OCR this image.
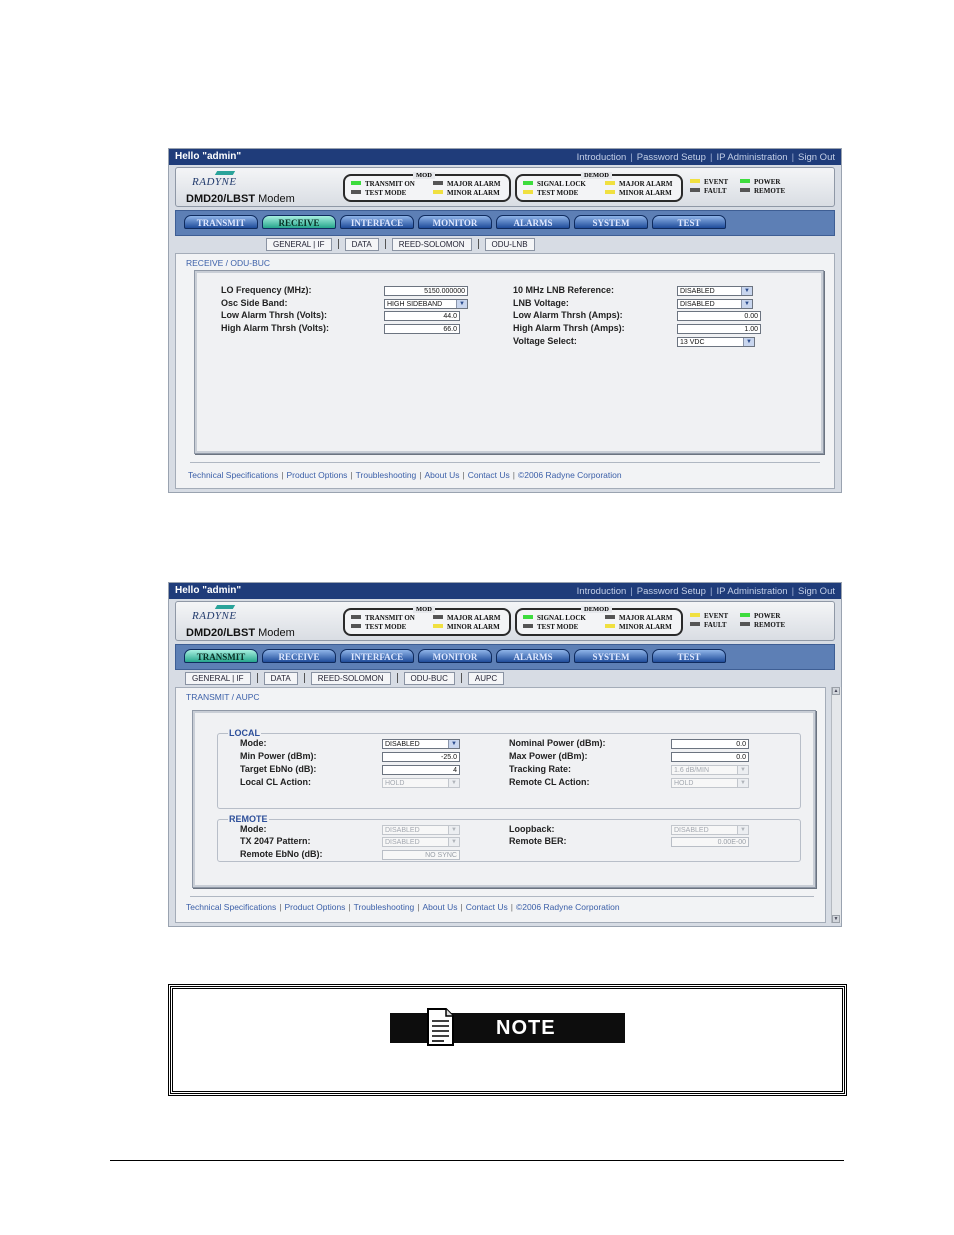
Hello "admin"	Introduction | Password Setup | IP Administration | Sign Out
RADYNE
DMD20/LBST Modem
MOD
TRANSMIT ON
TEST MODE
MAJOR ALARM
MINOR ALARM
DEMOD
SIGNAL LOCK
TEST MODE
MAJOR ALARM
MINOR ALARM
EVENT
FAULT
POWER
REMOTE
TRANSMIT	RECEIVE	INTERFACE	MONITOR	ALARMS	SYSTEM	TEST
GENERAL | IF	DATA	REED-SOLOMON	ODU-LNB
RECEIVE / ODU-BUC
LO Frequency (MHz):	5150.000000
Osc Side Band:	HIGH SIDEBAND	▼
Low Alarm Thrsh (Volts):	44.0
High Alarm Thrsh (Volts):	66.0
10 MHz LNB Reference:	DISABLED	▼
LNB Voltage:	DISABLED	▼
Low Alarm Thrsh (Amps):	0.00
High Alarm Thrsh (Amps):	1.00
Voltage Select:	13 VDC	▼
Technical Specifications | Product Options | Troubleshooting | About Us | Contact Us | ©2006 Radyne Corporation
Hello "admin"	Introduction | Password Setup | IP Administration | Sign Out
RADYNE
DMD20/LBST Modem
MOD
TRANSMIT ON
TEST MODE
MAJOR ALARM
MINOR ALARM
DEMOD
SIGNAL LOCK
TEST MODE
MAJOR ALARM
MINOR ALARM
EVENT
FAULT
POWER
REMOTE
TRANSMIT	RECEIVE	INTERFACE	MONITOR	ALARMS	SYSTEM	TEST
GENERAL | IF	DATA	REED-SOLOMON	ODU-BUC	AUPC
TRANSMIT / AUPC
LOCAL
Mode:	DISABLED	▼
Min Power (dBm):	-25.0
Target EbNo (dB):	4
Local CL Action:	HOLD	▼
Nominal Power (dBm):	0.0
Max Power (dBm):	0.0
Tracking Rate:	1.6 dB/MIN	▼
Remote CL Action:	HOLD	▼
REMOTE
Mode:	DISABLED	▼
TX 2047 Pattern:	DISABLED	▼
Remote EbNo (dB):	NO SYNC
Loopback:	DISABLED	▼
Remote BER:	0.00E-00
Technical Specifications | Product Options | Troubleshooting | About Us | Contact Us | ©2006 Radyne Corporation
▲
▼
NOTE
